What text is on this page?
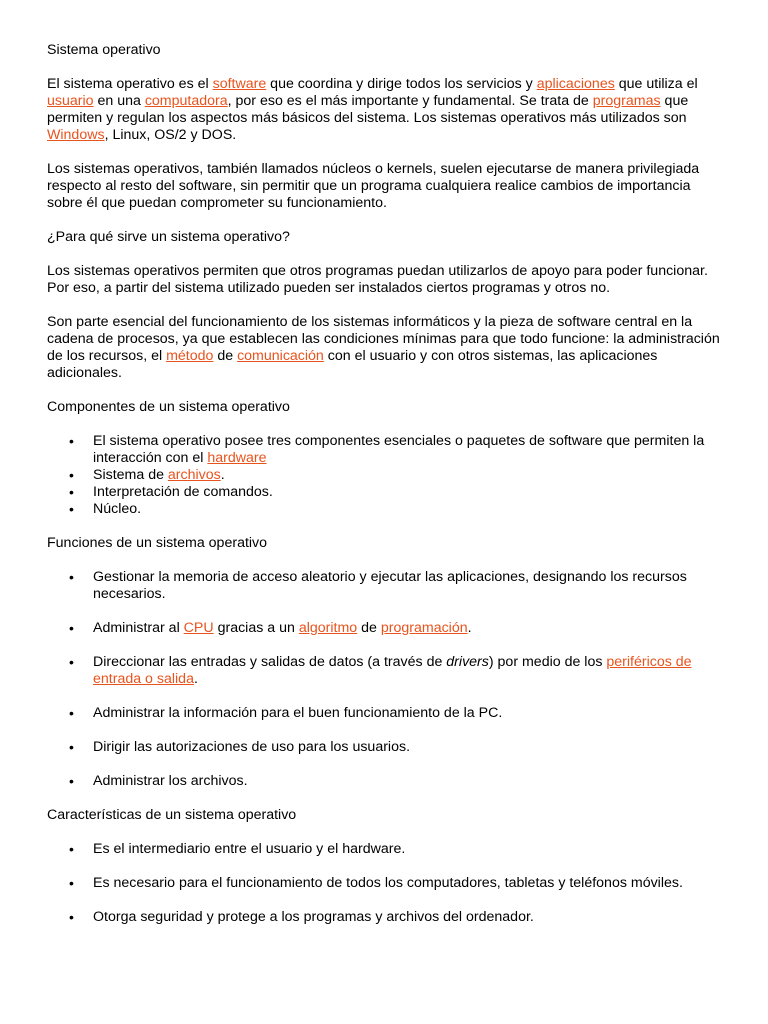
Sistema operativo

El sistema operativo es el software que coordina y dirige todos los servicios y aplicaciones que utiliza el usuario en una computadora, por eso es el más importante y fundamental. Se trata de programas que permiten y regulan los aspectos más básicos del sistema. Los sistemas operativos más utilizados son Windows, Linux, OS/2 y DOS.

Los sistemas operativos, también llamados núcleos o kernels, suelen ejecutarse de manera privilegiada respecto al resto del software, sin permitir que un programa cualquiera realice cambios de importancia sobre él que puedan comprometer su funcionamiento.

¿Para qué sirve un sistema operativo?

Los sistemas operativos permiten que otros programas puedan utilizarlos de apoyo para poder funcionar. Por eso, a partir del sistema utilizado pueden ser instalados ciertos programas y otros no.

Son parte esencial del funcionamiento de los sistemas informáticos y la pieza de software central en la cadena de procesos, ya que establecen las condiciones mínimas para que todo funcione: la administración de los recursos, el método de comunicación con el usuario y con otros sistemas, las aplicaciones adicionales.

Componentes de un sistema operativo

• El sistema operativo posee tres componentes esenciales o paquetes de software que permiten la interacción con el hardware
• Sistema de archivos.
• Interpretación de comandos.
• Núcleo.

Funciones de un sistema operativo

• Gestionar la memoria de acceso aleatorio y ejecutar las aplicaciones, designando los recursos necesarios.
• Administrar al CPU gracias a un algoritmo de programación.
• Direccionar las entradas y salidas de datos (a través de drivers) por medio de los periféricos de entrada o salida.
• Administrar la información para el buen funcionamiento de la PC.
• Dirigir las autorizaciones de uso para los usuarios.
• Administrar los archivos.

Características de un sistema operativo

• Es el intermediario entre el usuario y el hardware.
• Es necesario para el funcionamiento de todos los computadores, tabletas y teléfonos móviles.
• Otorga seguridad y protege a los programas y archivos del ordenador.
